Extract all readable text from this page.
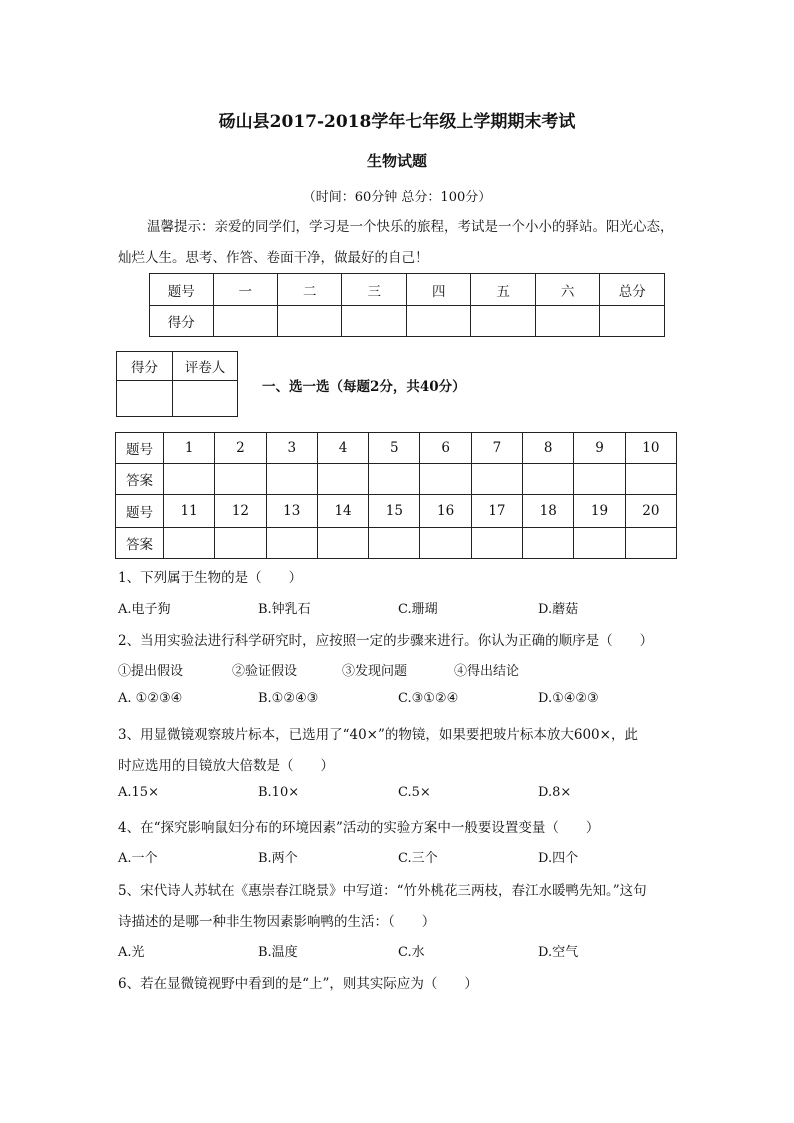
砀山县2017-2018学年七年级上学期期末考试
生物试题
（时间：60分钟 总分：100分）
温馨提示：亲爱的同学们，学习是一个快乐的旅程，考试是一个小小的驿站。阳光心态，
灿烂人生。思考、作答、卷面干净，做最好的自己！
题号	一	二	三	四	五	六	总分
得分							
得分	评卷人

一、选一选（每题2分，共40分）
题号	1	2	3	4	5	6	7	8	9	10
答案										
题号	11	12	13	14	15	16	17	18	19	20
答案										
1、下列属于生物的是（　　）
A.电子狗	B.钟乳石	C.珊瑚	D.蘑菇
2、当用实验法进行科学研究时，应按照一定的步骤来进行。你认为正确的顺序是（　　）
①提出假设	②验证假设	③发现问题	④得出结论
A. ①②③④	B.①②④③	C.③①②④	D.①④②③
3、用显微镜观察玻片标本，已选用了“40×”的物镜，如果要把玻片标本放大600×，此
时应选用的目镜放大倍数是（　　）
A.15×	B.10×	C.5×	D.8×
4、在“探究影响鼠妇分布的环境因素”活动的实验方案中一般要设置变量（　　）
A.一个	B.两个	C.三个	D.四个
5、宋代诗人苏轼在《惠崇春江晓景》中写道：“竹外桃花三两枝，春江水暖鸭先知。”这句
诗描述的是哪一种非生物因素影响鸭的生活：（　　）
A.光	B.温度	C.水	D.空气
6、若在显微镜视野中看到的是“上”，则其实际应为（　　）
